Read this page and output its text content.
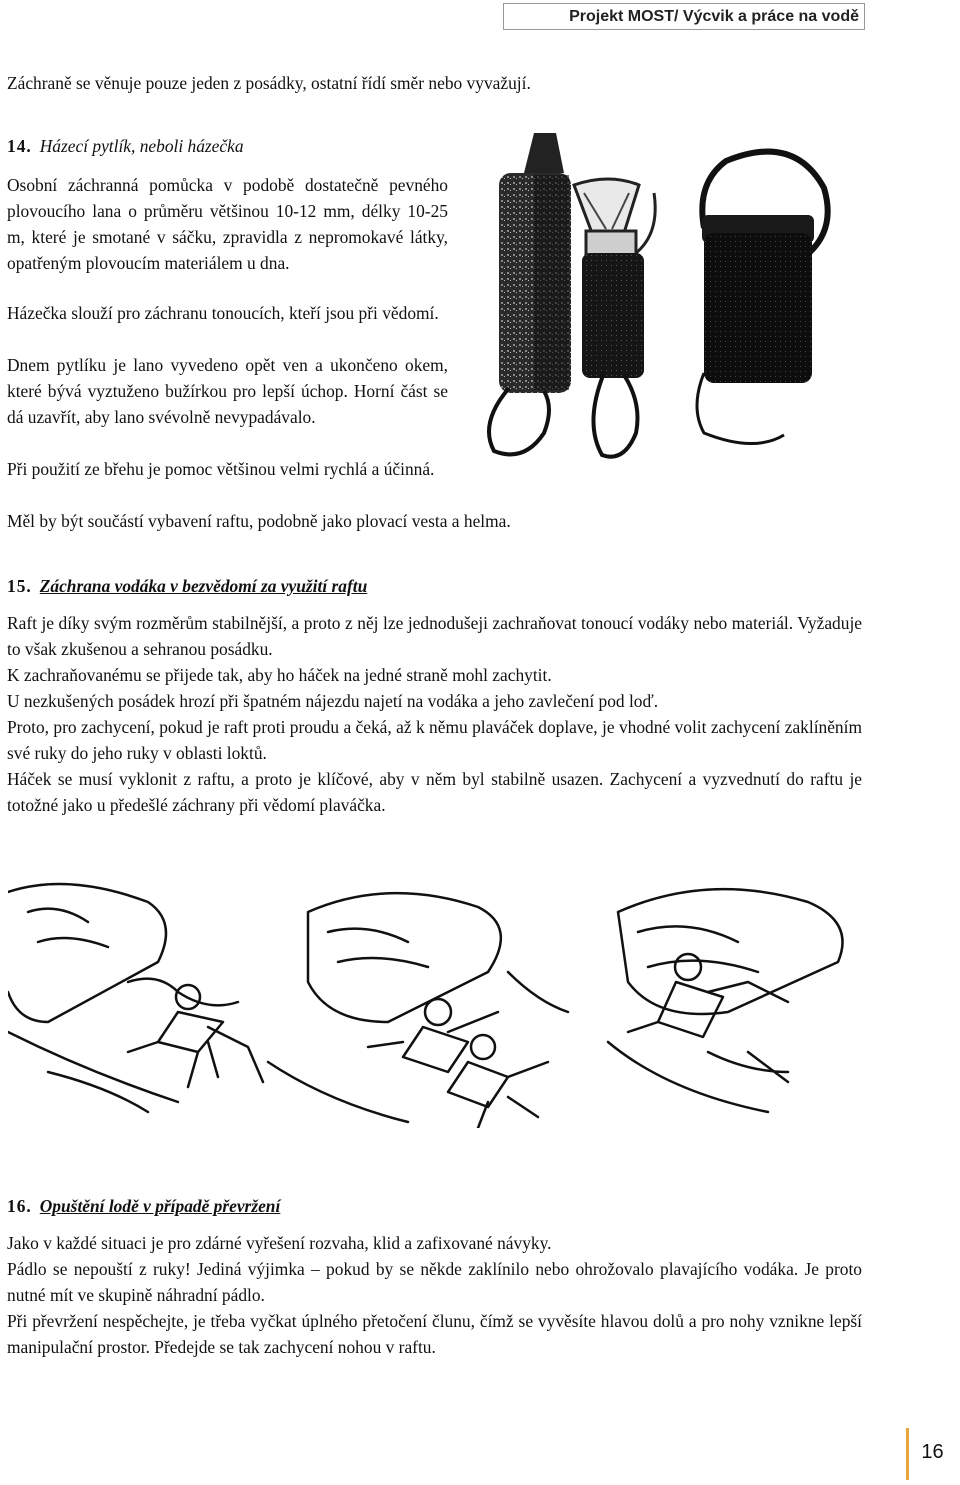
Projekt MOST/ Výcvik a práce na vodě

Záchraně se věnuje pouze jeden z posádky, ostatní řídí směr nebo vyvažují.

14. Házecí pytlík, neboli házečka

Osobní záchranná pomůcka v podobě dostatečně pevného plovoucího lana o průměru většinou 10-12 mm, délky 10-25 m, které je smotané v sáčku, zpravidla z nepromokavé látky, opatřeným plovoucím materiálem u dna.

Házečka slouží pro záchranu tonoucích, kteří jsou při vědomí.

Dnem pytlíku je lano vyvedeno opět ven a ukončeno okem, které bývá vyztuženo bužírkou pro lepší úchop. Horní část se dá uzavřít, aby lano svévolně nevypadávalo.

Při použití ze břehu je pomoc většinou velmi rychlá a účinná.

Měl by být součástí vybavení raftu, podobně jako plovací vesta a helma.

15. Záchrana vodáka v bezvědomí za využití raftu

Raft je díky svým rozměrům stabilnější, a proto z něj lze jednodušeji zachraňovat tonoucí vodáky nebo materiál. Vyžaduje to však zkušenou a sehranou posádku.

K zachraňovanému se přijede tak, aby ho háček na jedné straně mohl zachytit.

U nezkušených posádek hrozí při špatném nájezdu najetí na vodáka a jeho zavlečení pod loď.

Proto, pro zachycení, pokud je raft proti proudu a čeká, až k němu plaváček doplave, je vhodné volit zachycení zaklíněním své ruky do jeho ruky v oblasti loktů.

Háček se musí vyklonit z raftu, a proto je klíčové, aby v něm byl stabilně usazen. Zachycení a vyzvednutí do raftu je totožné jako u předešlé záchrany při vědomí plaváčka.

16. Opuštění lodě v případě převržení

Jako v každé situaci je pro zdárné vyřešení rozvaha, klid a zafixované návyky.

Pádlo se nepouští z ruky! Jediná výjimka – pokud by se někde zaklínilo nebo ohrožovalo plavajícího vodáka. Je proto nutné mít ve skupině náhradní pádlo.

Při převržení nespěchejte, je třeba vyčkat úplného přetočení člunu, čímž se vyvěsíte hlavou dolů a pro nohy vznikne lepší manipulační prostor. Předejde se tak zachycení nohou v raftu.

16
